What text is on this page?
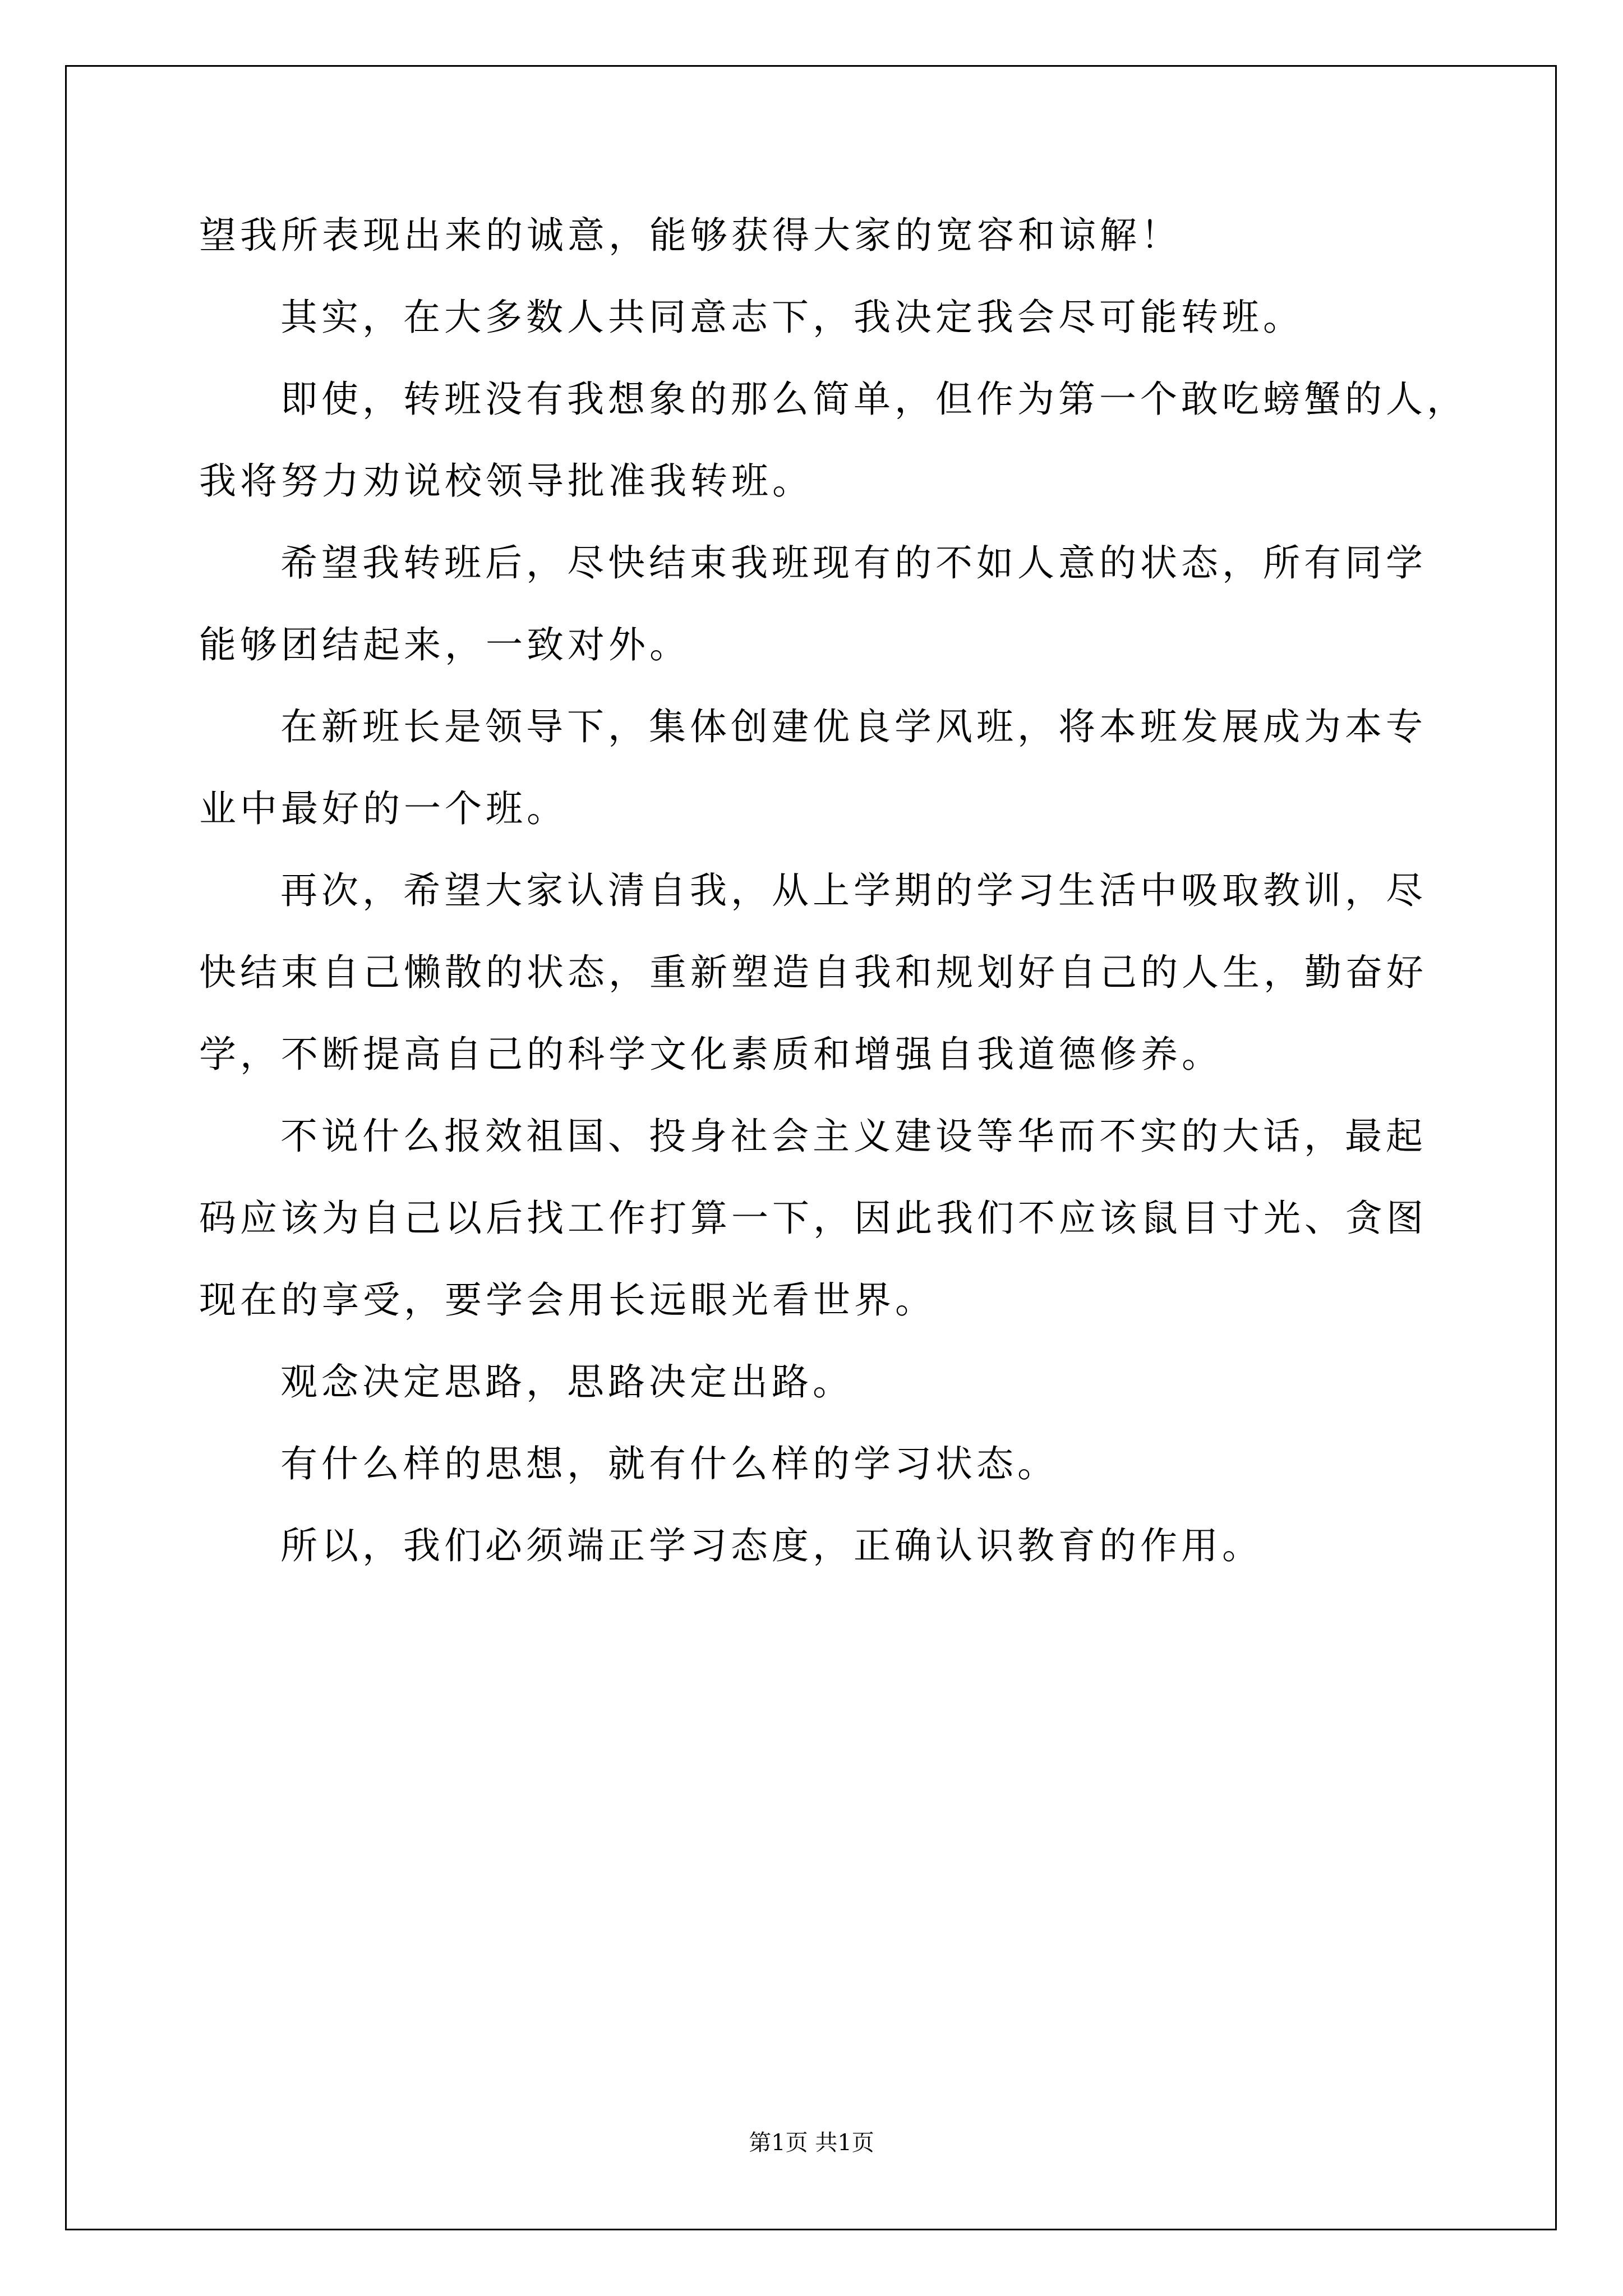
望我所表现出来的诚意，能够获得大家的宽容和谅解！

其实，在大多数人共同意志下，我决定我会尽可能转班。

即使，转班没有我想象的那么简单，但作为第一个敢吃螃蟹的人，

我将努力劝说校领导批准我转班。

希望我转班后，尽快结束我班现有的不如人意的状态，所有同学

能够团结起来，一致对外。

在新班长是领导下，集体创建优良学风班，将本班发展成为本专

业中最好的一个班。

再次，希望大家认清自我，从上学期的学习生活中吸取教训，尽

快结束自己懒散的状态，重新塑造自我和规划好自己的人生，勤奋好

学，不断提高自己的科学文化素质和增强自我道德修养。

不说什么报效祖国、投身社会主义建设等华而不实的大话，最起

码应该为自己以后找工作打算一下，因此我们不应该鼠目寸光、贪图

现在的享受，要学会用长远眼光看世界。

观念决定思路，思路决定出路。

有什么样的思想，就有什么样的学习状态。

所以，我们必须端正学习态度，正确认识教育的作用。

第1页 共1页
